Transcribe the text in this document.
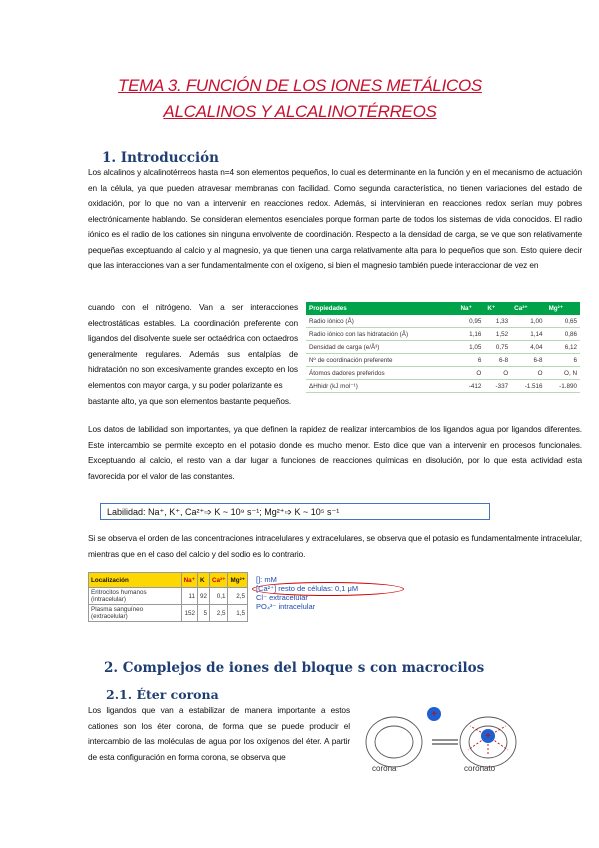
TEMA 3. FUNCIÓN DE LOS IONES METÁLICOS
ALCALINOS Y ALCALINOTÉRREOS
1. Introducción
Los alcalinos y alcalinotérreos hasta n=4 son elementos pequeños, lo cual es determinante en la función y en el mecanismo de actuación en la célula, ya que pueden atravesar membranas con facilidad. Como segunda característica, no tienen variaciones del estado de oxidación, por lo que no van a intervenir en reacciones redox. Además, si intervinieran en reacciones redox serían muy pobres electrónicamente hablando. Se consideran elementos esenciales porque forman parte de todos los sistemas de vida conocidos. El radio iónico es el radio de los cationes sin ninguna envolvente de coordinación. Respecto a la densidad de carga, se ve que son relativamente pequeñas exceptuando al calcio y al magnesio, ya que tienen una carga relativamente alta para lo pequeños que son. Esto quiere decir que las interacciones van a ser fundamentalmente con el oxígeno, si bien el magnesio también puede interaccionar de vez en
cuando con el nitrógeno. Van a ser interacciones electrostáticas estables. La coordinación preferente con ligandos del disolvente suele ser octaédrica con octaedros generalmente regulares. Además sus entalpías de hidratación no son excesivamente grandes excepto en los elementos con mayor carga, y su poder polarizante es
bastante alto, ya que son elementos bastante pequeños.
Propiedades	Na⁺	K⁺	Ca²⁺	Mg²⁺
Radio iónico (Å)	0,95	1,33	1,00	0,65
Radio iónico con las hidratación (Å)	1,16	1,52	1,14	0,86
Densidad de carga (e/Å³)	1,05	0,75	4,04	6,12
Nº de coordinación preferente	6	6-8	6-8	6
Átomos dadores preferidos	O	O	O	O, N
ΔHhidr (kJ mol⁻¹)	-412	-337	-1.516	-1.890
Los datos de labilidad son importantes, ya que definen la rapidez de realizar intercambios de los ligandos agua por ligandos diferentes. Este intercambio se permite excepto en el potasio donde es mucho menor. Esto dice que van a intervenir en procesos funcionales. Exceptuando al calcio, el resto van a dar lugar a funciones de reacciones químicas en disolución, por lo que esta actividad esta favorecida por el valor de las constantes.
Labilidad: Na⁺, K⁺, Ca²⁺➩ K ~ 10⁹ s⁻¹; Mg²⁺➩ K ~ 10⁵ s⁻¹
Si se observa el orden de las concentraciones intracelulares y extracelulares, se observa que el potasio es fundamentalmente intracelular, mientras que en el caso del calcio y del sodio es lo contrario.
Localización	Na⁺	K	Ca²⁺	Mg²⁺
Eritrocitos humanos (intracelular)	11	92	0,1	2,5
Plasma sanguíneo (extracelular)	152	5	2,5	1,5
[]: mM
[Ca²⁺] resto de células: 0,1 μM
Cl⁻ extracelular
PO₄³⁻ intracelular
2. Complejos de iones del bloque s con macrocilos
2.1. Éter corona
Los ligandos que van a estabilizar de manera importante a estos cationes son los éter corona, de forma que se puede producir el intercambio de las moléculas de agua por los oxígenos del éter. A partir de esta configuración en forma corona, se observa que
+
+
corona	coronato
